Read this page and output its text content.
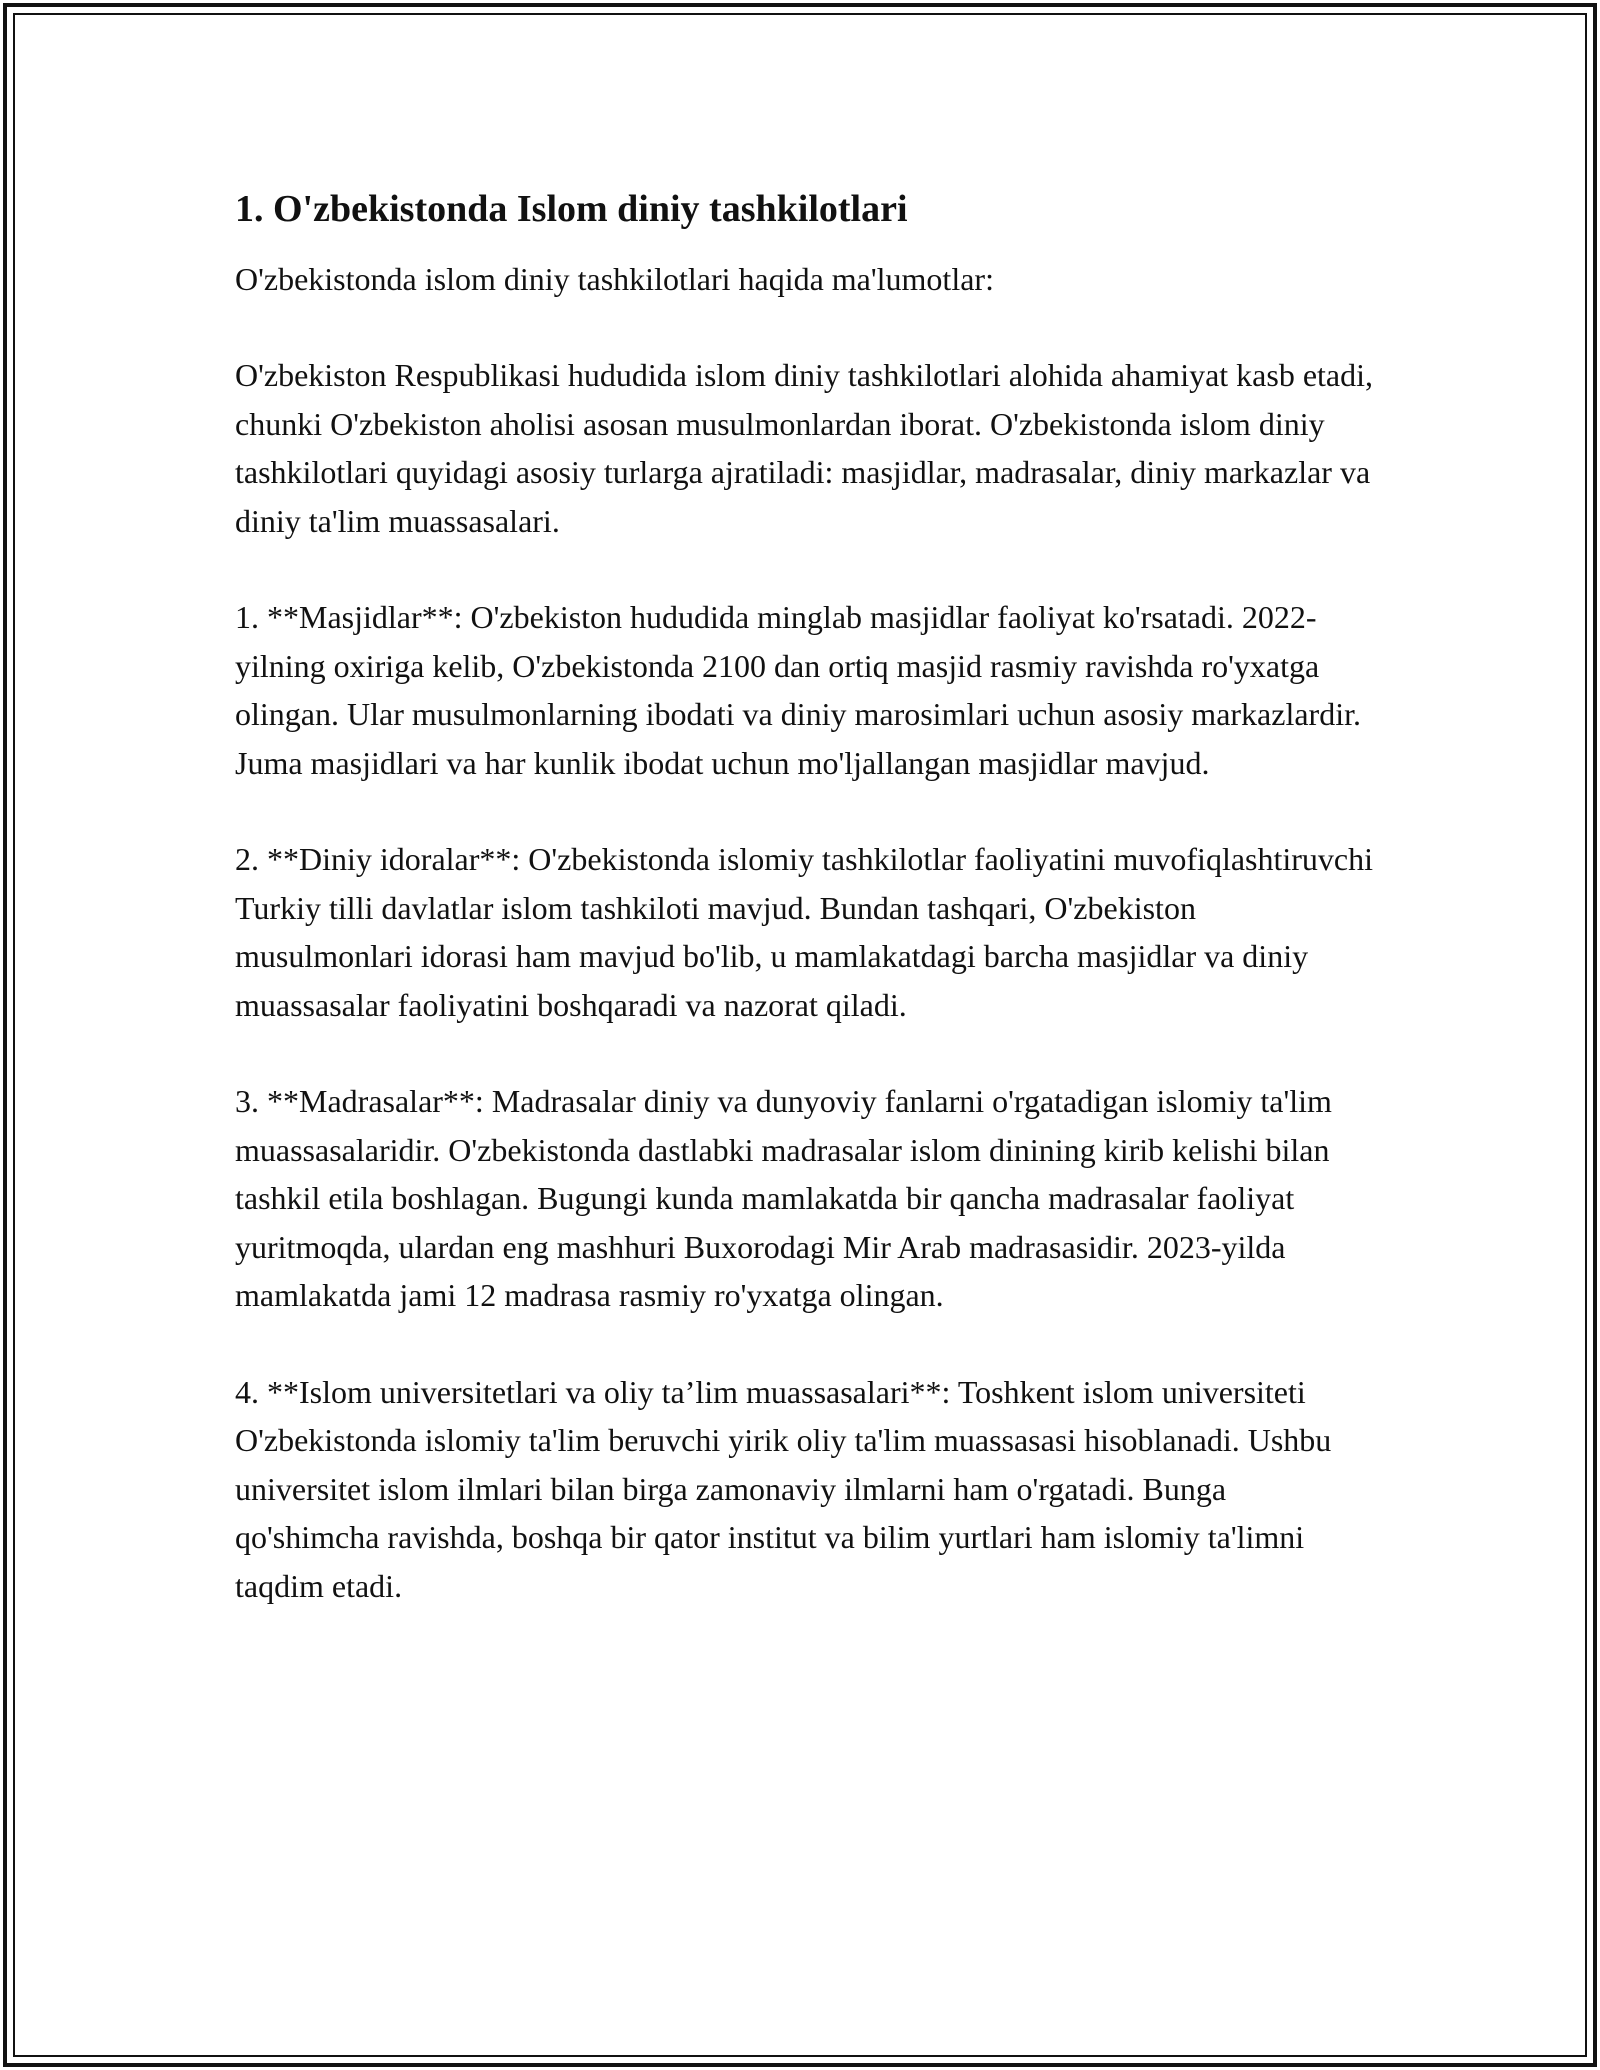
1. O'zbekistonda Islom diniy tashkilotlari

O'zbekistonda islom diniy tashkilotlari haqida ma'lumotlar:

O'zbekiston Respublikasi hududida islom diniy tashkilotlari alohida ahamiyat kasb etadi, chunki O'zbekiston aholisi asosan musulmonlardan iborat. O'zbekistonda islom diniy tashkilotlari quyidagi asosiy turlarga ajratiladi: masjidlar, madrasalar, diniy markazlar va diniy ta'lim muassasalari.

1. **Masjidlar**: O'zbekiston hududida minglab masjidlar faoliyat ko'rsatadi. 2022-yilning oxiriga kelib, O'zbekistonda 2100 dan ortiq masjid rasmiy ravishda ro'yxatga olingan. Ular musulmonlarning ibodati va diniy marosimlari uchun asosiy markazlardir. Juma masjidlari va har kunlik ibodat uchun mo'ljallangan masjidlar mavjud.

2. **Diniy idoralar**: O'zbekistonda islomiy tashkilotlar faoliyatini muvofiqlashtiruvchi Turkiy tilli davlatlar islom tashkiloti mavjud. Bundan tashqari, O'zbekiston musulmonlari idorasi ham mavjud bo'lib, u mamlakatdagi barcha masjidlar va diniy muassasalar faoliyatini boshqaradi va nazorat qiladi.

3. **Madrasalar**: Madrasalar diniy va dunyoviy fanlarni o'rgatadigan islomiy ta'lim muassasalaridir. O'zbekistonda dastlabki madrasalar islom dinining kirib kelishi bilan tashkil etila boshlagan. Bugungi kunda mamlakatda bir qancha madrasalar faoliyat yuritmoqda, ulardan eng mashhuri Buxorodagi Mir Arab madrasasidir. 2023-yilda mamlakatda jami 12 madrasa rasmiy ro'yxatga olingan.

4. **Islom universitetlari va oliy ta’lim muassasalari**: Toshkent islom universiteti O'zbekistonda islomiy ta'lim beruvchi yirik oliy ta'lim muassasasi hisoblanadi. Ushbu universitet islom ilmlari bilan birga zamonaviy ilmlarni ham o'rgatadi. Bunga qo'shimcha ravishda, boshqa bir qator institut va bilim yurtlari ham islomiy ta'limni taqdim etadi.
